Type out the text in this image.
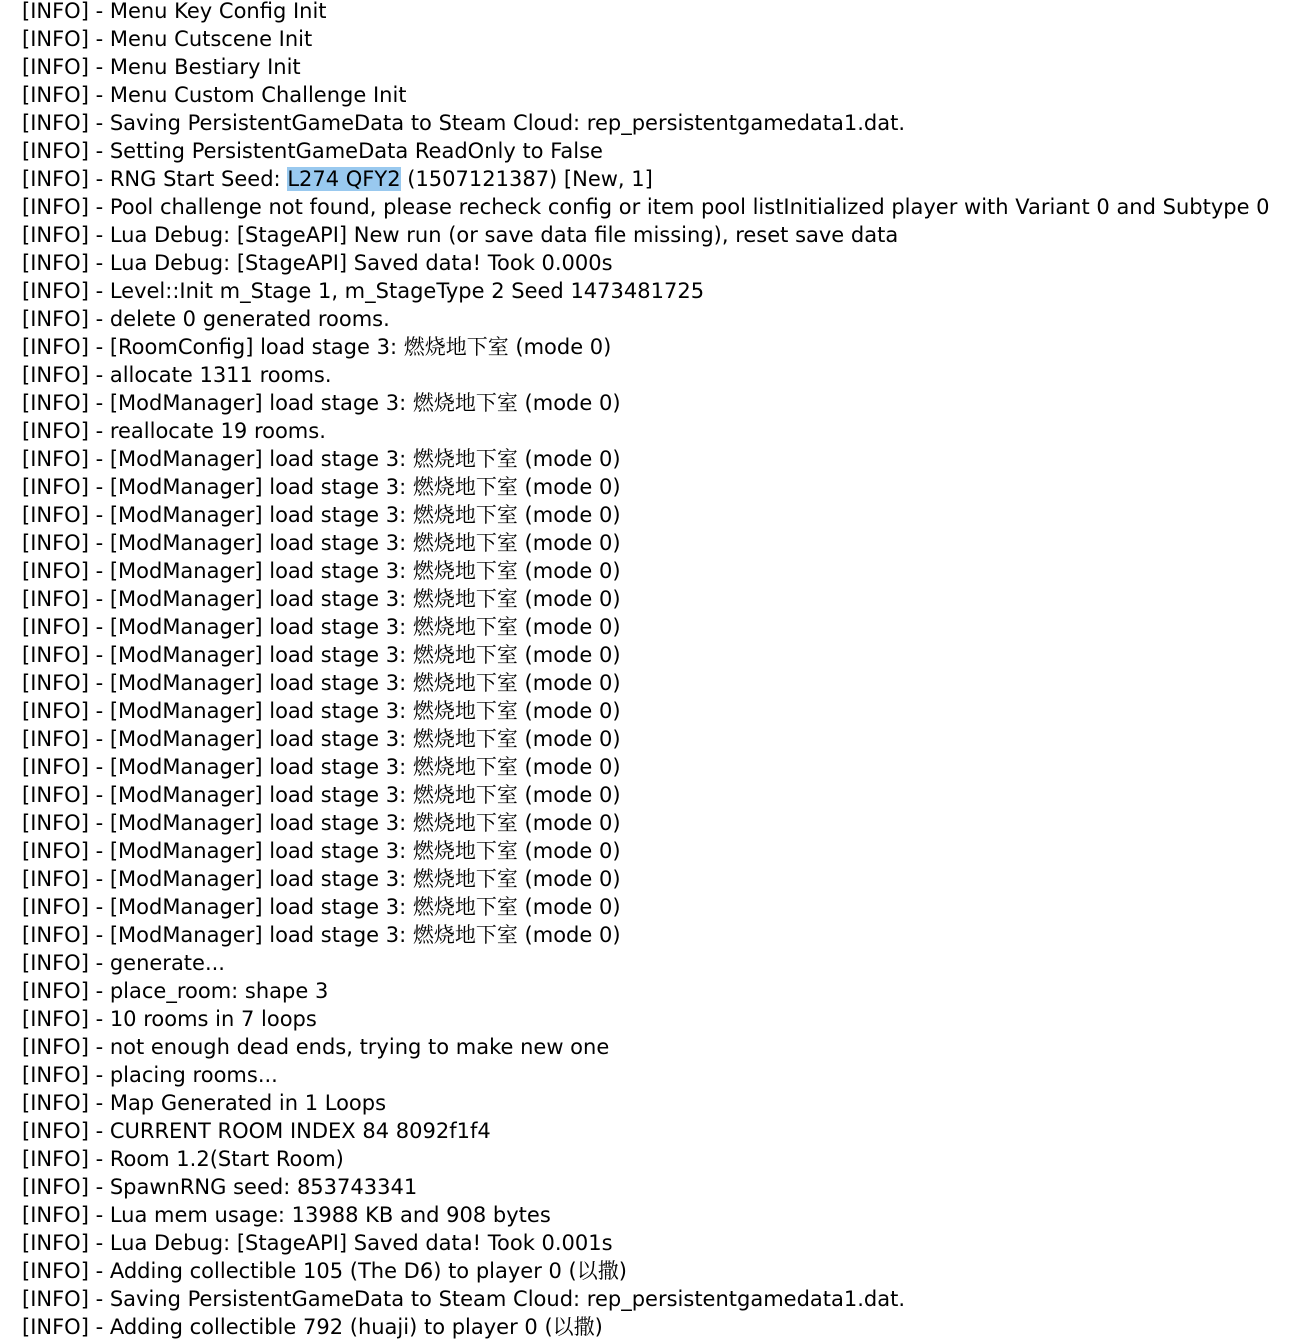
[INFO] - Menu Key Config Init
[INFO] - Menu Cutscene Init
[INFO] - Menu Bestiary Init
[INFO] - Menu Custom Challenge Init
[INFO] - Saving PersistentGameData to Steam Cloud: rep_persistentgamedata1.dat.
[INFO] - Setting PersistentGameData ReadOnly to False
[INFO] - RNG Start Seed: L274 QFY2 (1507121387) [New, 1]
[INFO] - Pool challenge not found, please recheck config or item pool listInitialized player with Variant 0 and Subtype 0
[INFO] - Lua Debug: [StageAPI] New run (or save data file missing), reset save data
[INFO] - Lua Debug: [StageAPI] Saved data! Took 0.000s
[INFO] - Level::Init m_Stage 1, m_StageType 2 Seed 1473481725
[INFO] - delete 0 generated rooms.
[INFO] - [RoomConfig] load stage 3: 燃烧地下室 (mode 0)
[INFO] - allocate 1311 rooms.
[INFO] - [ModManager] load stage 3: 燃烧地下室 (mode 0)
[INFO] - reallocate 19 rooms.
[INFO] - [ModManager] load stage 3: 燃烧地下室 (mode 0)
[INFO] - [ModManager] load stage 3: 燃烧地下室 (mode 0)
[INFO] - [ModManager] load stage 3: 燃烧地下室 (mode 0)
[INFO] - [ModManager] load stage 3: 燃烧地下室 (mode 0)
[INFO] - [ModManager] load stage 3: 燃烧地下室 (mode 0)
[INFO] - [ModManager] load stage 3: 燃烧地下室 (mode 0)
[INFO] - [ModManager] load stage 3: 燃烧地下室 (mode 0)
[INFO] - [ModManager] load stage 3: 燃烧地下室 (mode 0)
[INFO] - [ModManager] load stage 3: 燃烧地下室 (mode 0)
[INFO] - [ModManager] load stage 3: 燃烧地下室 (mode 0)
[INFO] - [ModManager] load stage 3: 燃烧地下室 (mode 0)
[INFO] - [ModManager] load stage 3: 燃烧地下室 (mode 0)
[INFO] - [ModManager] load stage 3: 燃烧地下室 (mode 0)
[INFO] - [ModManager] load stage 3: 燃烧地下室 (mode 0)
[INFO] - [ModManager] load stage 3: 燃烧地下室 (mode 0)
[INFO] - [ModManager] load stage 3: 燃烧地下室 (mode 0)
[INFO] - [ModManager] load stage 3: 燃烧地下室 (mode 0)
[INFO] - [ModManager] load stage 3: 燃烧地下室 (mode 0)
[INFO] - generate...
[INFO] - place_room: shape 3
[INFO] - 10 rooms in 7 loops
[INFO] - not enough dead ends, trying to make new one
[INFO] - placing rooms...
[INFO] - Map Generated in 1 Loops
[INFO] - CURRENT ROOM INDEX 84 8092f1f4
[INFO] - Room 1.2(Start Room)
[INFO] - SpawnRNG seed: 853743341
[INFO] - Lua mem usage: 13988 KB and 908 bytes
[INFO] - Lua Debug: [StageAPI] Saved data! Took 0.001s
[INFO] - Adding collectible 105 (The D6) to player 0 (以撒)
[INFO] - Saving PersistentGameData to Steam Cloud: rep_persistentgamedata1.dat.
[INFO] - Adding collectible 792 (huaji) to player 0 (以撒)
